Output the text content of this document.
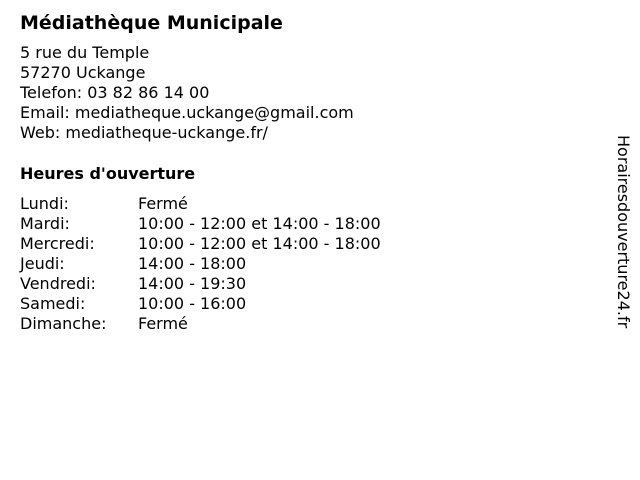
Médiathèque Municipale
5 rue du Temple
57270 Uckange
Telefon: 03 82 86 14 00
Email: mediatheque.uckange@gmail.com
Web: mediatheque-uckange.fr/
Heures d'ouverture
Lundi:	Fermé
Mardi:	10:00 - 12:00 et 14:00 - 18:00
Mercredi:	10:00 - 12:00 et 14:00 - 18:00
Jeudi:	14:00 - 18:00
Vendredi:	14:00 - 19:30
Samedi:	10:00 - 16:00
Dimanche:	Fermé	Horairesdouverture24.fr
